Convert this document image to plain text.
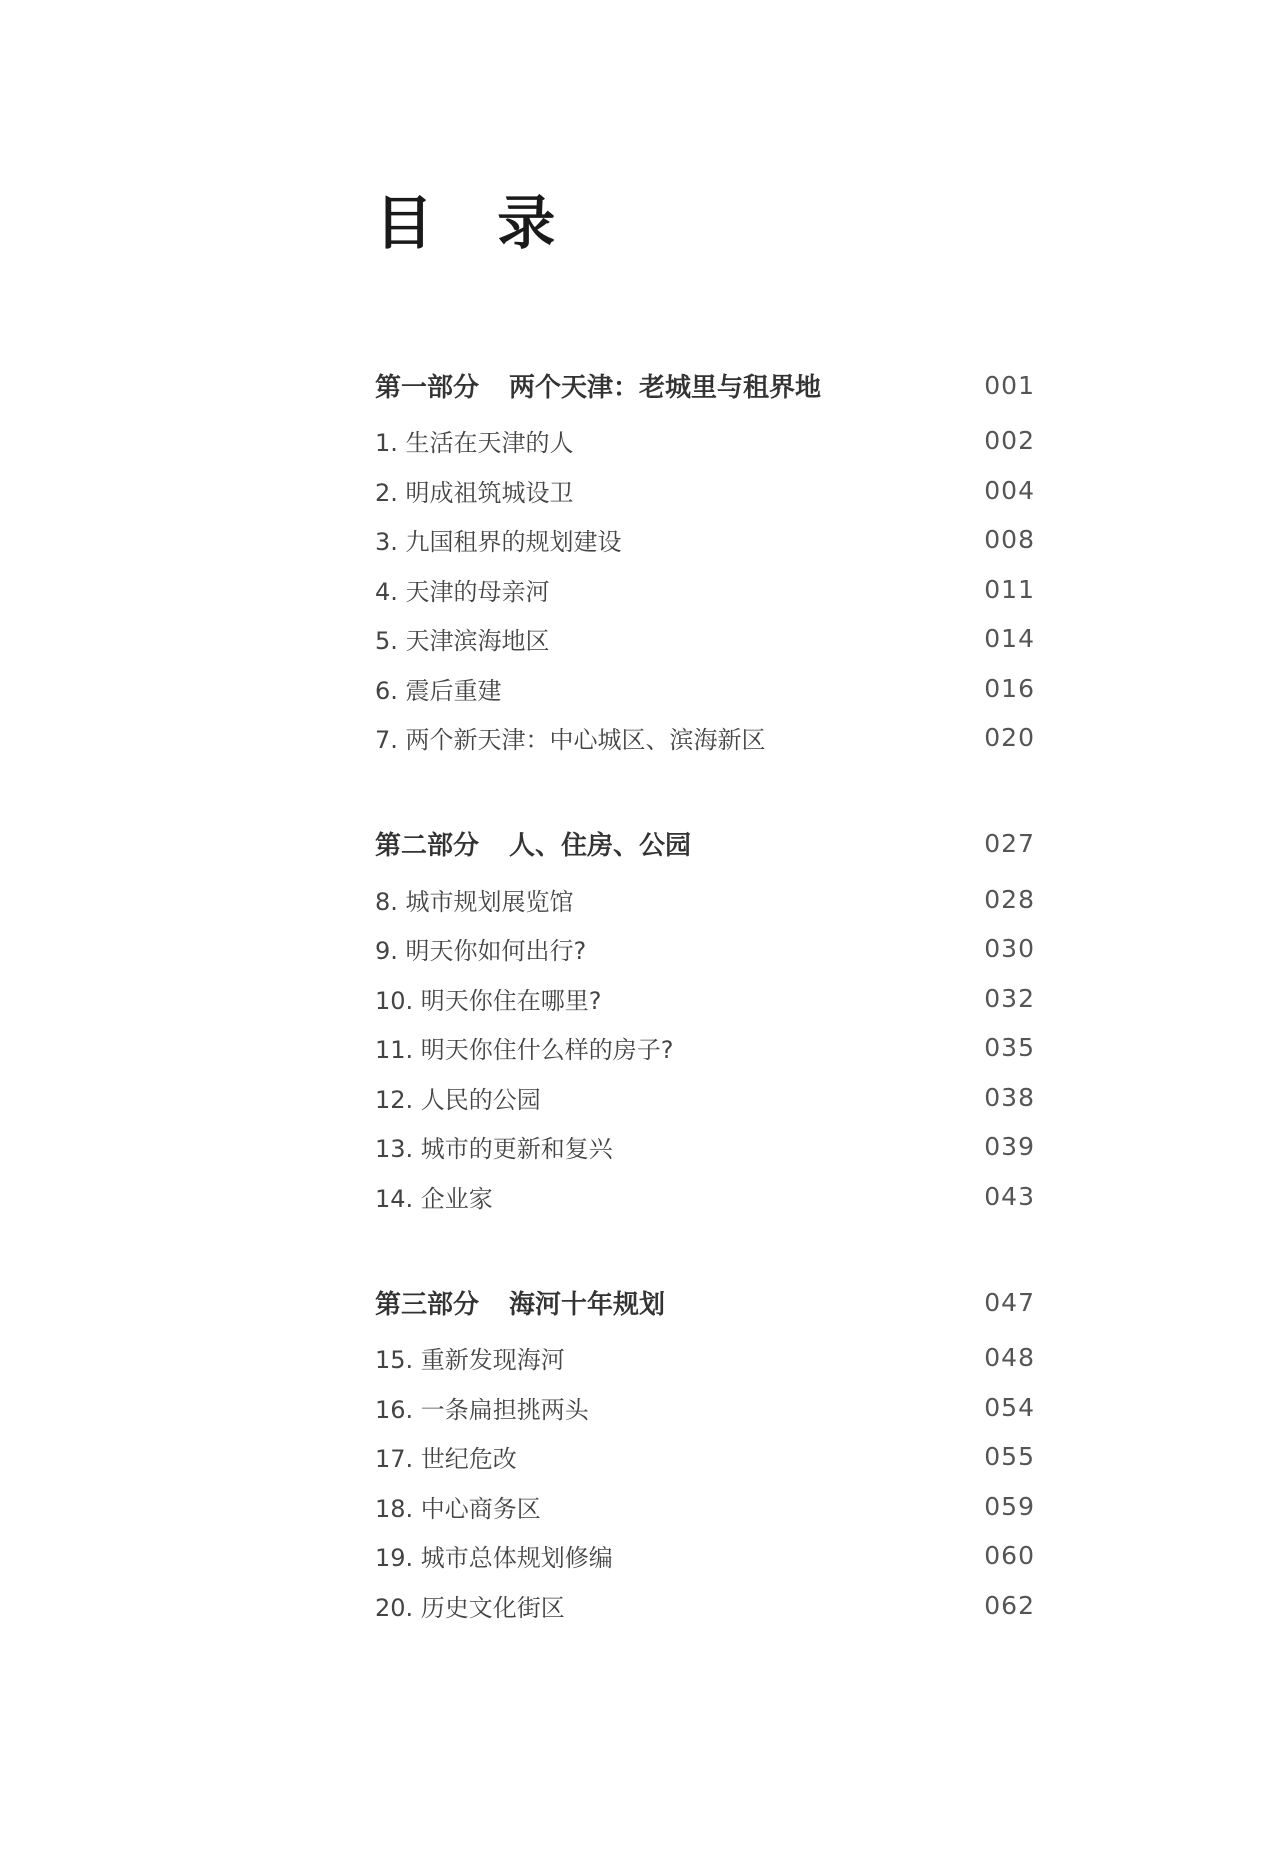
目 录
第一部分 两个天津：老城里与租界地	001
1. 生活在天津的人	002
2. 明成祖筑城设卫	004
3. 九国租界的规划建设	008
4. 天津的母亲河	011
5. 天津滨海地区	014
6. 震后重建	016
7. 两个新天津：中心城区、滨海新区	020
第二部分 人、住房、公园	027
8. 城市规划展览馆	028
9. 明天你如何出行?	030
10. 明天你住在哪里?	032
11. 明天你住什么样的房子?	035
12. 人民的公园	038
13. 城市的更新和复兴	039
14. 企业家	043
第三部分 海河十年规划	047
15. 重新发现海河	048
16. 一条扁担挑两头	054
17. 世纪危改	055
18. 中心商务区	059
19. 城市总体规划修编	060
20. 历史文化街区	062
